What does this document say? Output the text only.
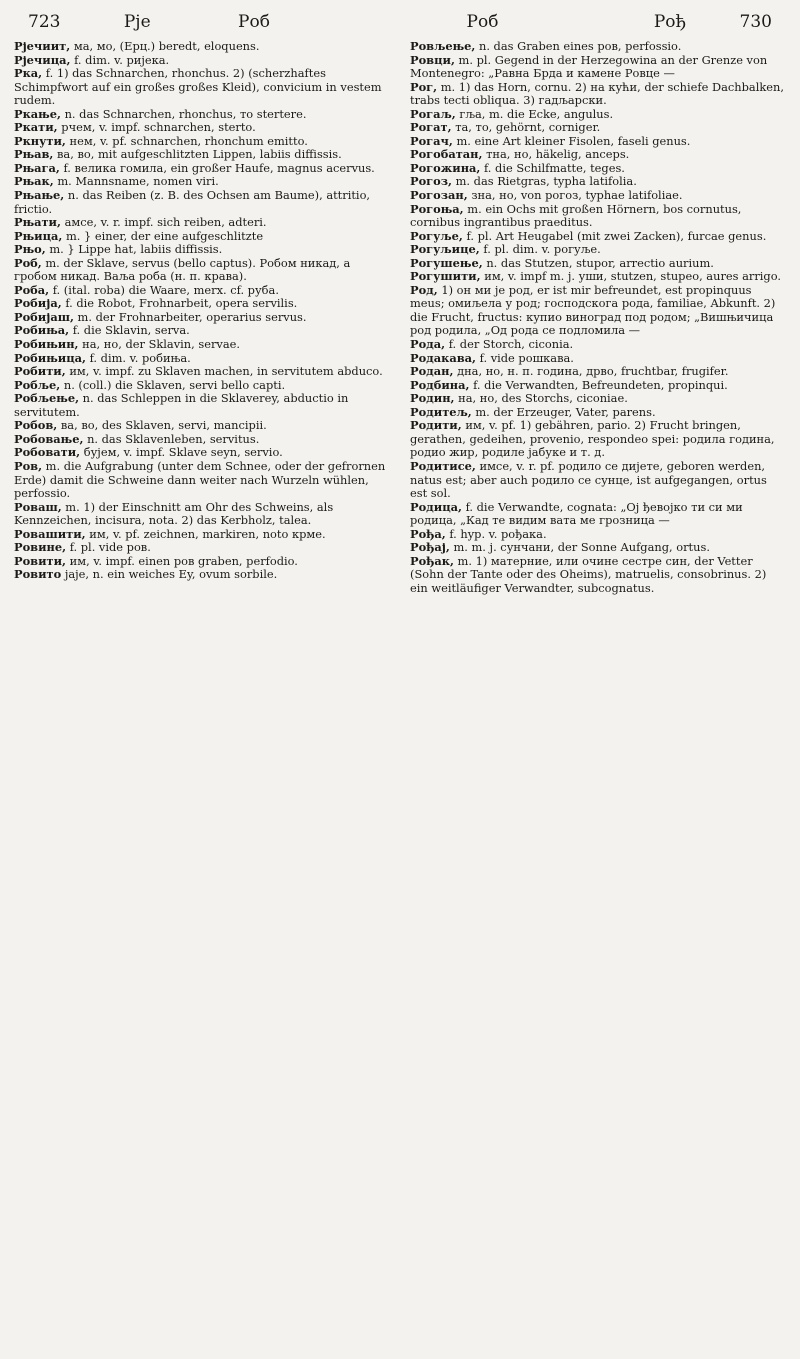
723	Рје	Роб	Роб	Рођ	730

Рјечиит, ма, мо, (Ерц.) beredt, eloquens.

Рјечица, f. dim. v. ријека.

Рка, f. 1) das Schnarchen, rhonchus. 2) (scherzhaftes Schimpfwort auf ein großes großes Kleid), convicium in vestem rudem.

Ркање, n. das Schnarchen, rhonchus, то stertere.

Ркати, рчем, v. impf. schnarchen, sterto.

Ркнути, нем, v. pf. schnarchen, rhonchum emitto.

Рњав, ва, во, mit aufgeschlitzten Lippen, labiis diffissis.

Рњага, f. велика гомила, ein großer Haufe, magnus acervus.

Рњак, m. Mannsname, nomen viri.

Рњање, n. das Reiben (z. B. des Ochsen am Baume), attritio, frictio.

Рњати, амсе, v. r. impf. sich reiben, adteri.

Рњица, m. } einer, der eine aufgeschlitzte

Рњо, m. } Lippe hat, labiis diffissis.

Роб, m. der Sklave, servus (bello captus). Робом никад, а гробом никад. Ваља роба (н. п. крава).

Роба, f. (ital. roba) die Waare, merx. cf. руба.

Робија, f. die Robot, Frohnarbeit, opera servilis.

Робијаш, m. der Frohnarbeiter, operarius servus.

Робиња, f. die Sklavin, serva.

Робињин, на, но, der Sklavin, servae.

Робињица, f. dim. v. робиња.

Робити, им, v. impf. zu Sklaven machen, in servitutem abduco.

Робље, n. (coll.) die Sklaven, servi bello capti.

Робљење, n. das Schleppen in die Sklaverey, abductio in servitutem.

Робов, ва, во, des Sklaven, servi, mancipii.

Робовање, n. das Sklavenleben, servitus.

Робовати, бујем, v. impf. Sklave seyn, servio.

Ров, m. die Aufgrabung (unter dem Schnee, oder der gefrornen Erde) damit die Schweine dann weiter nach Wurzeln wühlen, perfossio.

Роваш, m. 1) der Einschnitt am Ohr des Schweins, als Kennzeichen, incisura, nota. 2) das Kerbholz, talea.

Ровашити, им, v. pf. zeichnen, markiren, noto крме.

Ровине, f. pl. vide ров.

Ровити, им, v. impf. einen ров graben, perfodio.

Ровито jaje, n. ein weiches Ey, ovum sorbile.

Ровљење, n. das Graben eines ров, perfossio.

Ровци, m. pl. Gegend in der Herzegowina an der Grenze von Montenegro: „Равна Брда и камене Ровце —

Рог, m. 1) das Horn, cornu. 2) на кући, der schiefe Dachbalken, trabs tecti obliqua. 3) гадљарски.

Рогаљ, гља, m. die Ecke, angulus.

Рогат, та, то, gehörnt, corniger.

Рогач, m. eine Art kleiner Fisolen, faseli genus.

Рогобатан, тна, но, häkelig, anceps.

Рогожина, f. die Schilfmatte, teges.

Рогоз, m. das Rietgras, typha latifolia.

Рогозан, зна, но, von рогоз, typhae latifoliae.

Рогоња, m. ein Ochs mit großen Hörnern, bos cornutus, cornibus ingrantibus praeditus.

Рогуље, f. pl. Art Heugabel (mit zwei Zacken), furcae genus.

Рогуљице, f. pl. dim. v. рогуље.

Рогушење, n. das Stutzen, stupor, arrectio aurium.

Рогушити, им, v. impf m. j. уши, stutzen, stupeo, aures arrigo.

Род, 1) он ми је род, er ist mir befreundet, est propinquus meus; омиљела у род; господскога рода, familiae, Abkunft. 2) die Frucht, fructus: купио виноград под родом; „Вишњичица род родила, „Од рода се подломила —

Рода, f. der Storch, ciconia.

Родакава, f. vide рошкава.

Родан, дна, но, н. п. година, дрво, fruchtbar, frugifer.

Родбина, f. die Verwandten, Befreundeten, propinqui.

Родин, на, но, des Storchs, ciconiae.

Родитељ, m. der Erzeuger, Vater, parens.

Родити, им, v. pf. 1) gebähren, pario. 2) Frucht bringen, gerathen, gedeihen, provenio, respondeo spei: родила година, родио жир, родиле јабуке и т. д.

Родитисе, имсе, v. r. pf. родило се дијете, geboren werden, natus est; aber auch родило се сунце, ist aufgegangen, ortus est sol.

Родица, f. die Verwandte, cognata: „Oj ђевојко ти си ми родица, „Кад те видим вата ме грозница —

Рођа, f. hyp. v. рођака.

Рођај, m. m. j. сунчани, der Sonne Aufgang, ortus.

Рођак, m. 1) матерние, или очине сестре син, der Vetter (Sohn der Tante oder des Oheims), matruelis, consobrinus. 2) ein weitläufiger Verwandter, subcognatus.
